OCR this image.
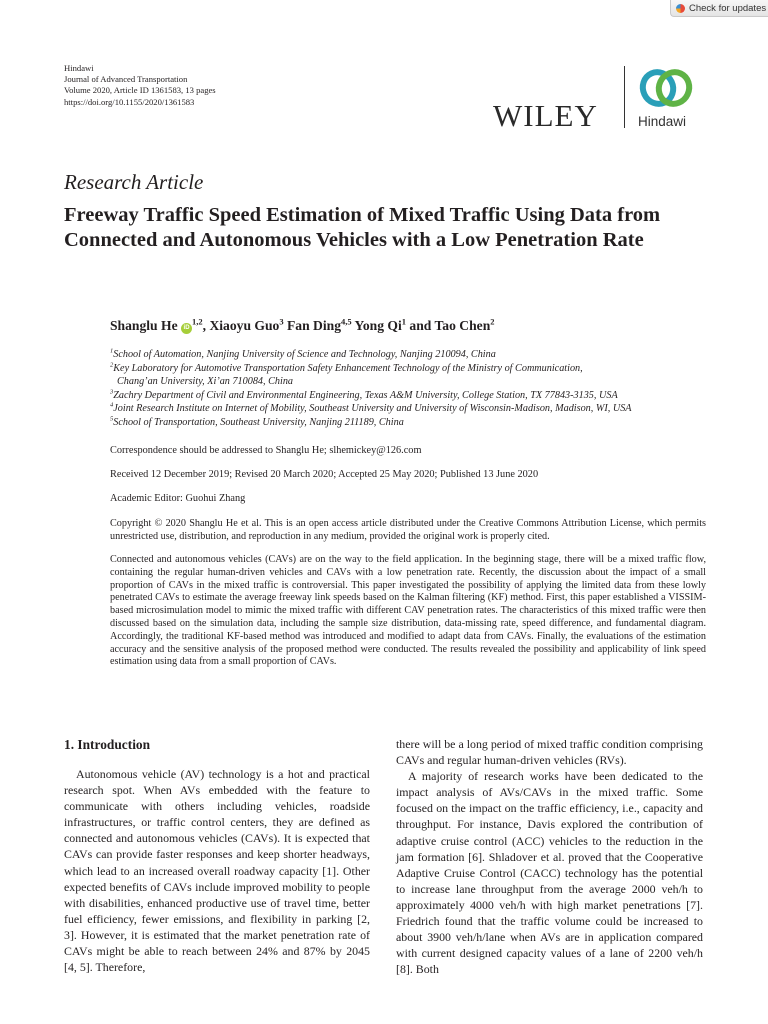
Check for updates
Hindawi
Journal of Advanced Transportation
Volume 2020, Article ID 1361583, 13 pages
https://doi.org/10.1155/2020/1361583	WILEY	Hindawi
Research Article
Freeway Traffic Speed Estimation of Mixed Traffic Using Data from Connected and Autonomous Vehicles with a Low Penetration Rate
Shanglu He iD$^{1,2}$, Xiaoyu Guo$^3$ Fan Ding$^{4,5}$ Yong Qi$^1$ and Tao Chen$^2$
$^1$School of Automation, Nanjing University of Science and Technology, Nanjing 210094, China
$^2$Key Laboratory for Automotive Transportation Safety Enhancement Technology of the Ministry of Communication,
Chang’an University, Xi’an 710084, China
$^3$Zachry Department of Civil and Environmental Engineering, Texas A&M University, College Station, TX 77843-3135, USA
$^4$Joint Research Institute on Internet of Mobility, Southeast University and University of Wisconsin-Madison, Madison, WI, USA
$^5$School of Transportation, Southeast University, Nanjing 211189, China
Correspondence should be addressed to Shanglu He; slhemickey@126.com
Received 12 December 2019; Revised 20 March 2020; Accepted 25 May 2020; Published 13 June 2020
Academic Editor: Guohui Zhang
Copyright © 2020 Shanglu He et al. This is an open access article distributed under the Creative Commons Attribution License, which permits unrestricted use, distribution, and reproduction in any medium, provided the original work is properly cited.
Connected and autonomous vehicles (CAVs) are on the way to the field application. In the beginning stage, there will be a mixed traffic flow, containing the regular human-driven vehicles and CAVs with a low penetration rate. Recently, the discussion about the impact of a small proportion of CAVs in the mixed traffic is controversial. This paper investigated the possibility of applying the limited data from these lowly penetrated CAVs to estimate the average freeway link speeds based on the Kalman filtering (KF) method. First, this paper established a VISSIM-based microsimulation model to mimic the mixed traffic with different CAV penetration rates. The characteristics of this mixed traffic were then discussed based on the simulation data, including the sample size distribution, data-missing rate, speed difference, and fundamental diagram. Accordingly, the traditional KF-based method was introduced and modified to adapt data from CAVs. Finally, the evaluations of the estimation accuracy and the sensitive analysis of the proposed method were conducted. The results revealed the possibility and applicability of link speed estimation using data from a small proportion of CAVs.
1. Introduction

Autonomous vehicle (AV) technology is a hot and practical research spot. When AVs embedded with the feature to communicate with others including vehicles, roadside infrastructures, or traffic control centers, they are defined as connected and autonomous vehicles (CAVs). It is expected that CAVs can provide faster responses and keep shorter headways, which lead to an increased overall roadway capacity [1]. Other expected benefits of CAVs include improved mobility to people with disabilities, enhanced productive use of travel time, better fuel efficiency, fewer emissions, and flexibility in parking [2, 3]. However, it is estimated that the market penetration rate of CAVs might be able to reach between 24% and 87% by 2045 [4, 5]. Therefore,

there will be a long period of mixed traffic condition comprising CAVs and regular human-driven vehicles (RVs).

A majority of research works have been dedicated to the impact analysis of AVs/CAVs in the mixed traffic. Some focused on the impact on the traffic efficiency, i.e., capacity and throughput. For instance, Davis explored the contribution of adaptive cruise control (ACC) vehicles to the reduction in the jam formation [6]. Shladover et al. proved that the Cooperative Adaptive Cruise Control (CACC) technology has the potential to increase lane throughput from the average 2000 veh/h to approximately 4000 veh/h with high market penetrations [7]. Friedrich found that the traffic volume could be increased to about 3900 veh/h/lane when AVs are in application compared with current designed capacity values of a lane of 2200 veh/h [8]. Both
